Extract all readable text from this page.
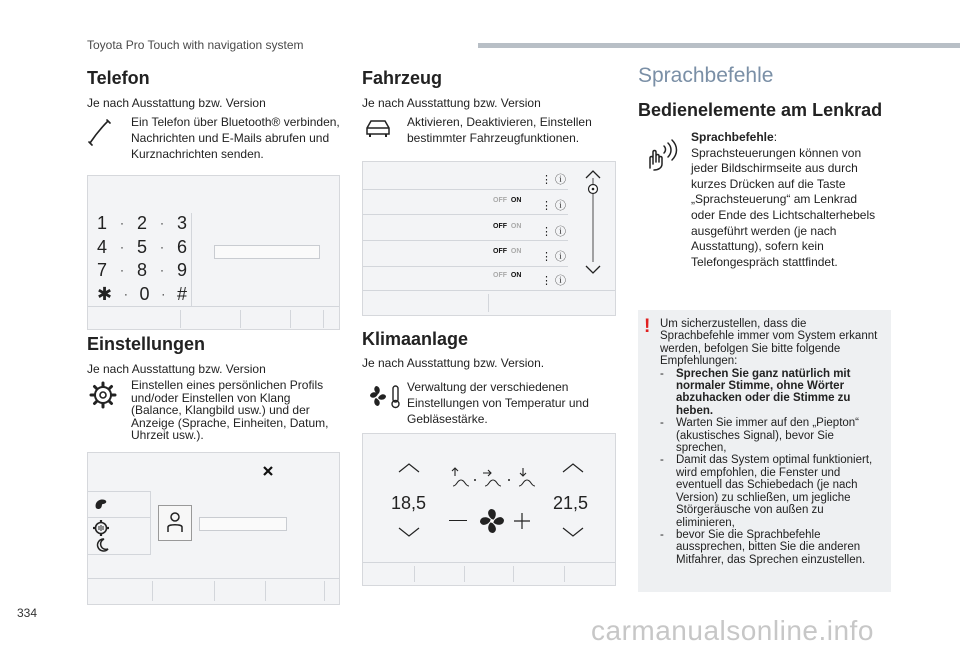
Toyota Pro Touch with navigation system
Telefon
Je nach Ausstattung bzw. Version
Ein Telefon über Bluetooth® verbinden,
Nachrichten und E-Mails abrufen und
Kurznachrichten senden.
1 · 2 · 3
4 · 5 · 6
7 · 8 · 9
✱ · 0 · #
Einstellungen
Je nach Ausstattung bzw. Version
Einstellen eines persönlichen Profils
und/oder Einstellen von Klang
(Balance, Klangbild usw.) und der
Anzeige (Sprache, Einheiten, Datum,
Uhrzeit usw.).
Fahrzeug
Je nach Ausstattung bzw. Version
Aktivieren, Deaktivieren, Einstellen
bestimmter Fahrzeugfunktionen.
⋮ ⓘ
⋮ ⓘ
⋮ ⓘ
⋮ ⓘ
⋮ ⓘ
OFF ON
OFF ON
OFF ON
OFF ON
Klimaanlage
Je nach Ausstattung bzw. Version.
Verwaltung der verschiedenen
Einstellungen von Temperatur und
Gebläsestärke.
18,5	21,5
Sprachbefehle
Bedienelemente am Lenkrad
Sprachbefehle:
Sprachsteuerungen können von
jeder Bildschirmseite aus durch
kurzes Drücken auf die Taste
„Sprachsteuerung“ am Lenkrad
oder Ende des Lichtschalterhebels
ausgeführt werden (je nach
Ausstattung), sofern kein
Telefongespräch stattfindet.
! Um sicherzustellen, dass die
Sprachbefehle immer vom System erkannt
werden, befolgen Sie bitte folgende
Empfehlungen:
-	Sprechen Sie ganz natürlich mit
normaler Stimme, ohne Wörter
abzuhacken oder die Stimme zu
heben.
-	Warten Sie immer auf den „Piepton“
(akustisches Signal), bevor Sie
sprechen,
-	Damit das System optimal funktioniert,
wird empfohlen, die Fenster und
eventuell das Schiebedach (je nach
Version) zu schließen, um jegliche
Störgeräusche von außen zu
eliminieren,
-	bevor Sie die Sprachbefehle
aussprechen, bitten Sie die anderen
Mitfahrer, das Sprechen einzustellen.
334
carmanualsonline.info
